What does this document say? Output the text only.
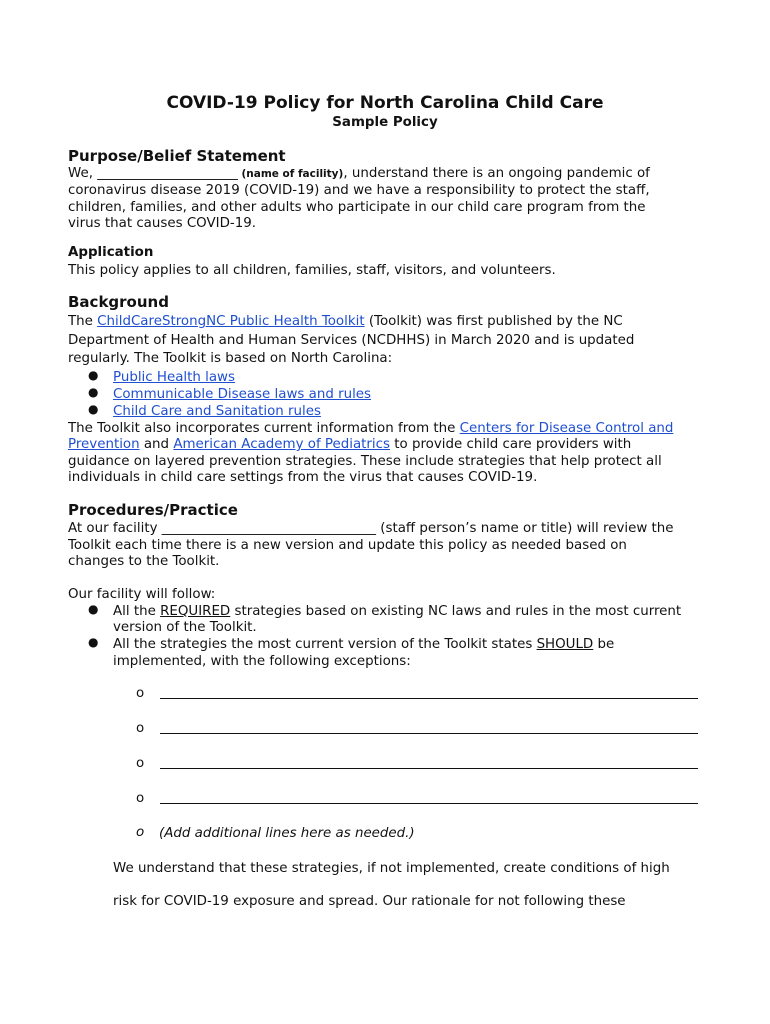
COVID-19 Policy for North Carolina Child Care
Sample Policy
Purpose/Belief Statement
We, _____________________ (name of facility), understand there is an ongoing pandemic of
coronavirus disease 2019 (COVID-19) and we have a responsibility to protect the staff,
children, families, and other adults who participate in our child care program from the
virus that causes COVID-19.
Application
This policy applies to all children, families, staff, visitors, and volunteers.
Background
The ChildCareStrongNC Public Health Toolkit (Toolkit) was first published by the NC
Department of Health and Human Services (NCDHHS) in March 2020 and is updated
regularly. The Toolkit is based on North Carolina:
● Public Health laws
● Communicable Disease laws and rules
● Child Care and Sanitation rules
The Toolkit also incorporates current information from the Centers for Disease Control and
Prevention and American Academy of Pediatrics to provide child care providers with
guidance on layered prevention strategies. These include strategies that help protect all
individuals in child care settings from the virus that causes COVID-19.
Procedures/Practice
At our facility ________________________________ (staff person’s name or title) will review the
Toolkit each time there is a new version and update this policy as needed based on
changes to the Toolkit.
Our facility will follow:
● All the REQUIRED strategies based on existing NC laws and rules in the most current
version of the Toolkit.
● All the strategies the most current version of the Toolkit states SHOULD be
implemented, with the following exceptions:
o
o
o
o
o (Add additional lines here as needed.)
We understand that these strategies, if not implemented, create conditions of high
risk for COVID-19 exposure and spread. Our rationale for not following these
